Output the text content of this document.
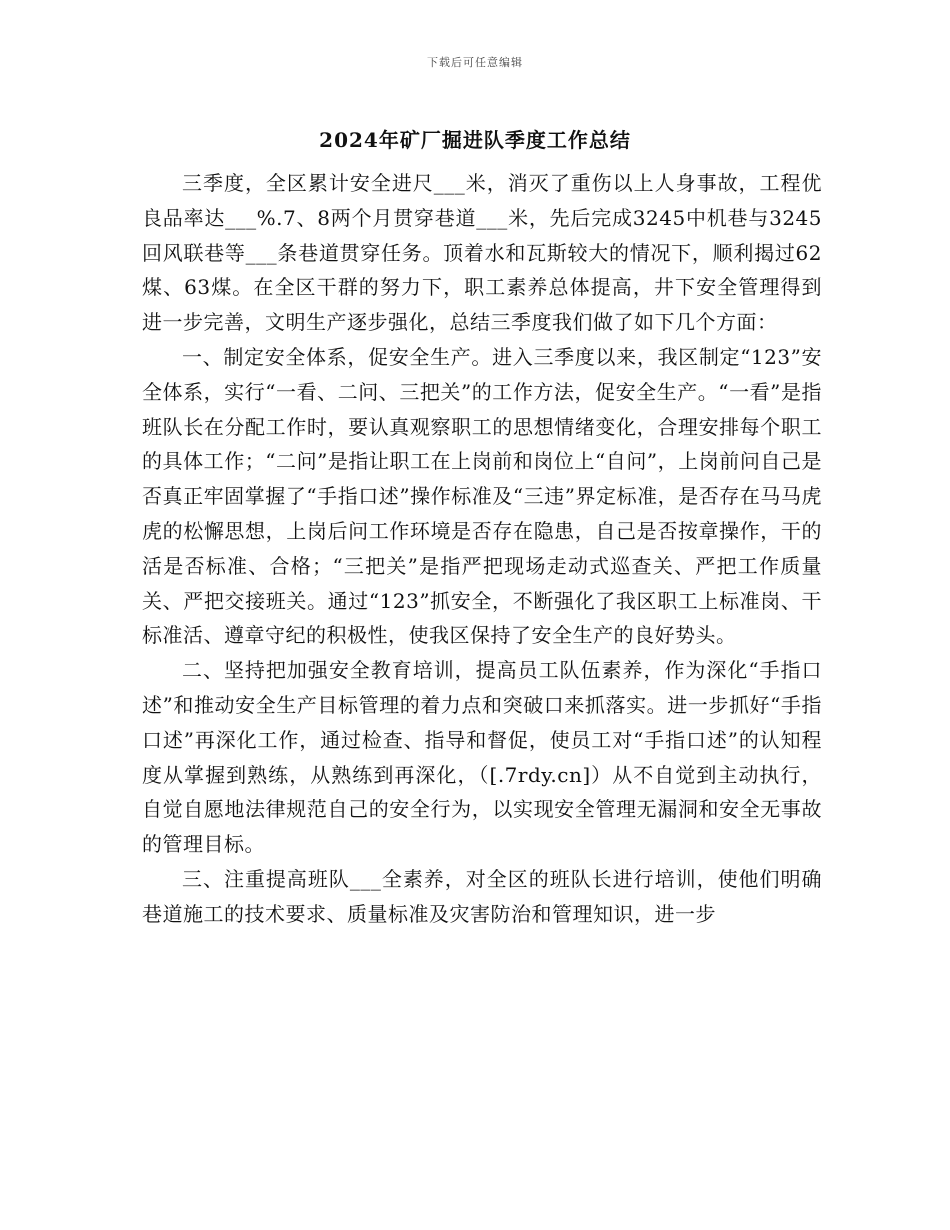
下载后可任意编辑
2024年矿厂掘进队季度工作总结

三季度，全区累计安全进尺___米，消灭了重伤以上人身事故，工程优良品率达___%.7、8两个月贯穿巷道___米，先后完成3245中机巷与3245回风联巷等___条巷道贯穿任务。顶着水和瓦斯较大的情况下，顺利揭过62煤、63煤。在全区干群的努力下，职工素养总体提高，井下安全管理得到进一步完善，文明生产逐步强化，总结三季度我们做了如下几个方面：

一、制定安全体系，促安全生产。进入三季度以来，我区制定“123”安全体系，实行“一看、二问、三把关”的工作方法，促安全生产。“一看”是指班队长在分配工作时，要认真观察职工的思想情绪变化，合理安排每个职工的具体工作；“二问”是指让职工在上岗前和岗位上“自问”，上岗前问自己是否真正牢固掌握了“手指口述”操作标准及“三违”界定标准，是否存在马马虎虎的松懈思想，上岗后问工作环境是否存在隐患，自己是否按章操作，干的活是否标准、合格；“三把关”是指严把现场走动式巡查关、严把工作质量关、严把交接班关。通过“123”抓安全，不断强化了我区职工上标准岗、干标准活、遵章守纪的积极性，使我区保持了安全生产的良好势头。

二、坚持把加强安全教育培训，提高员工队伍素养，作为深化“手指口述”和推动安全生产目标管理的着力点和突破口来抓落实。进一步抓好“手指口述”再深化工作，通过检查、指导和督促，使员工对“手指口述”的认知程度从掌握到熟练，从熟练到再深化，（[.7rdy.cn]）从不自觉到主动执行，自觉自愿地法律规范自己的安全行为，以实现安全管理无漏洞和安全无事故的管理目标。

三、注重提高班队___全素养，对全区的班队长进行培训，使他们明确巷道施工的技术要求、质量标准及灾害防治和管理知识，进一步
